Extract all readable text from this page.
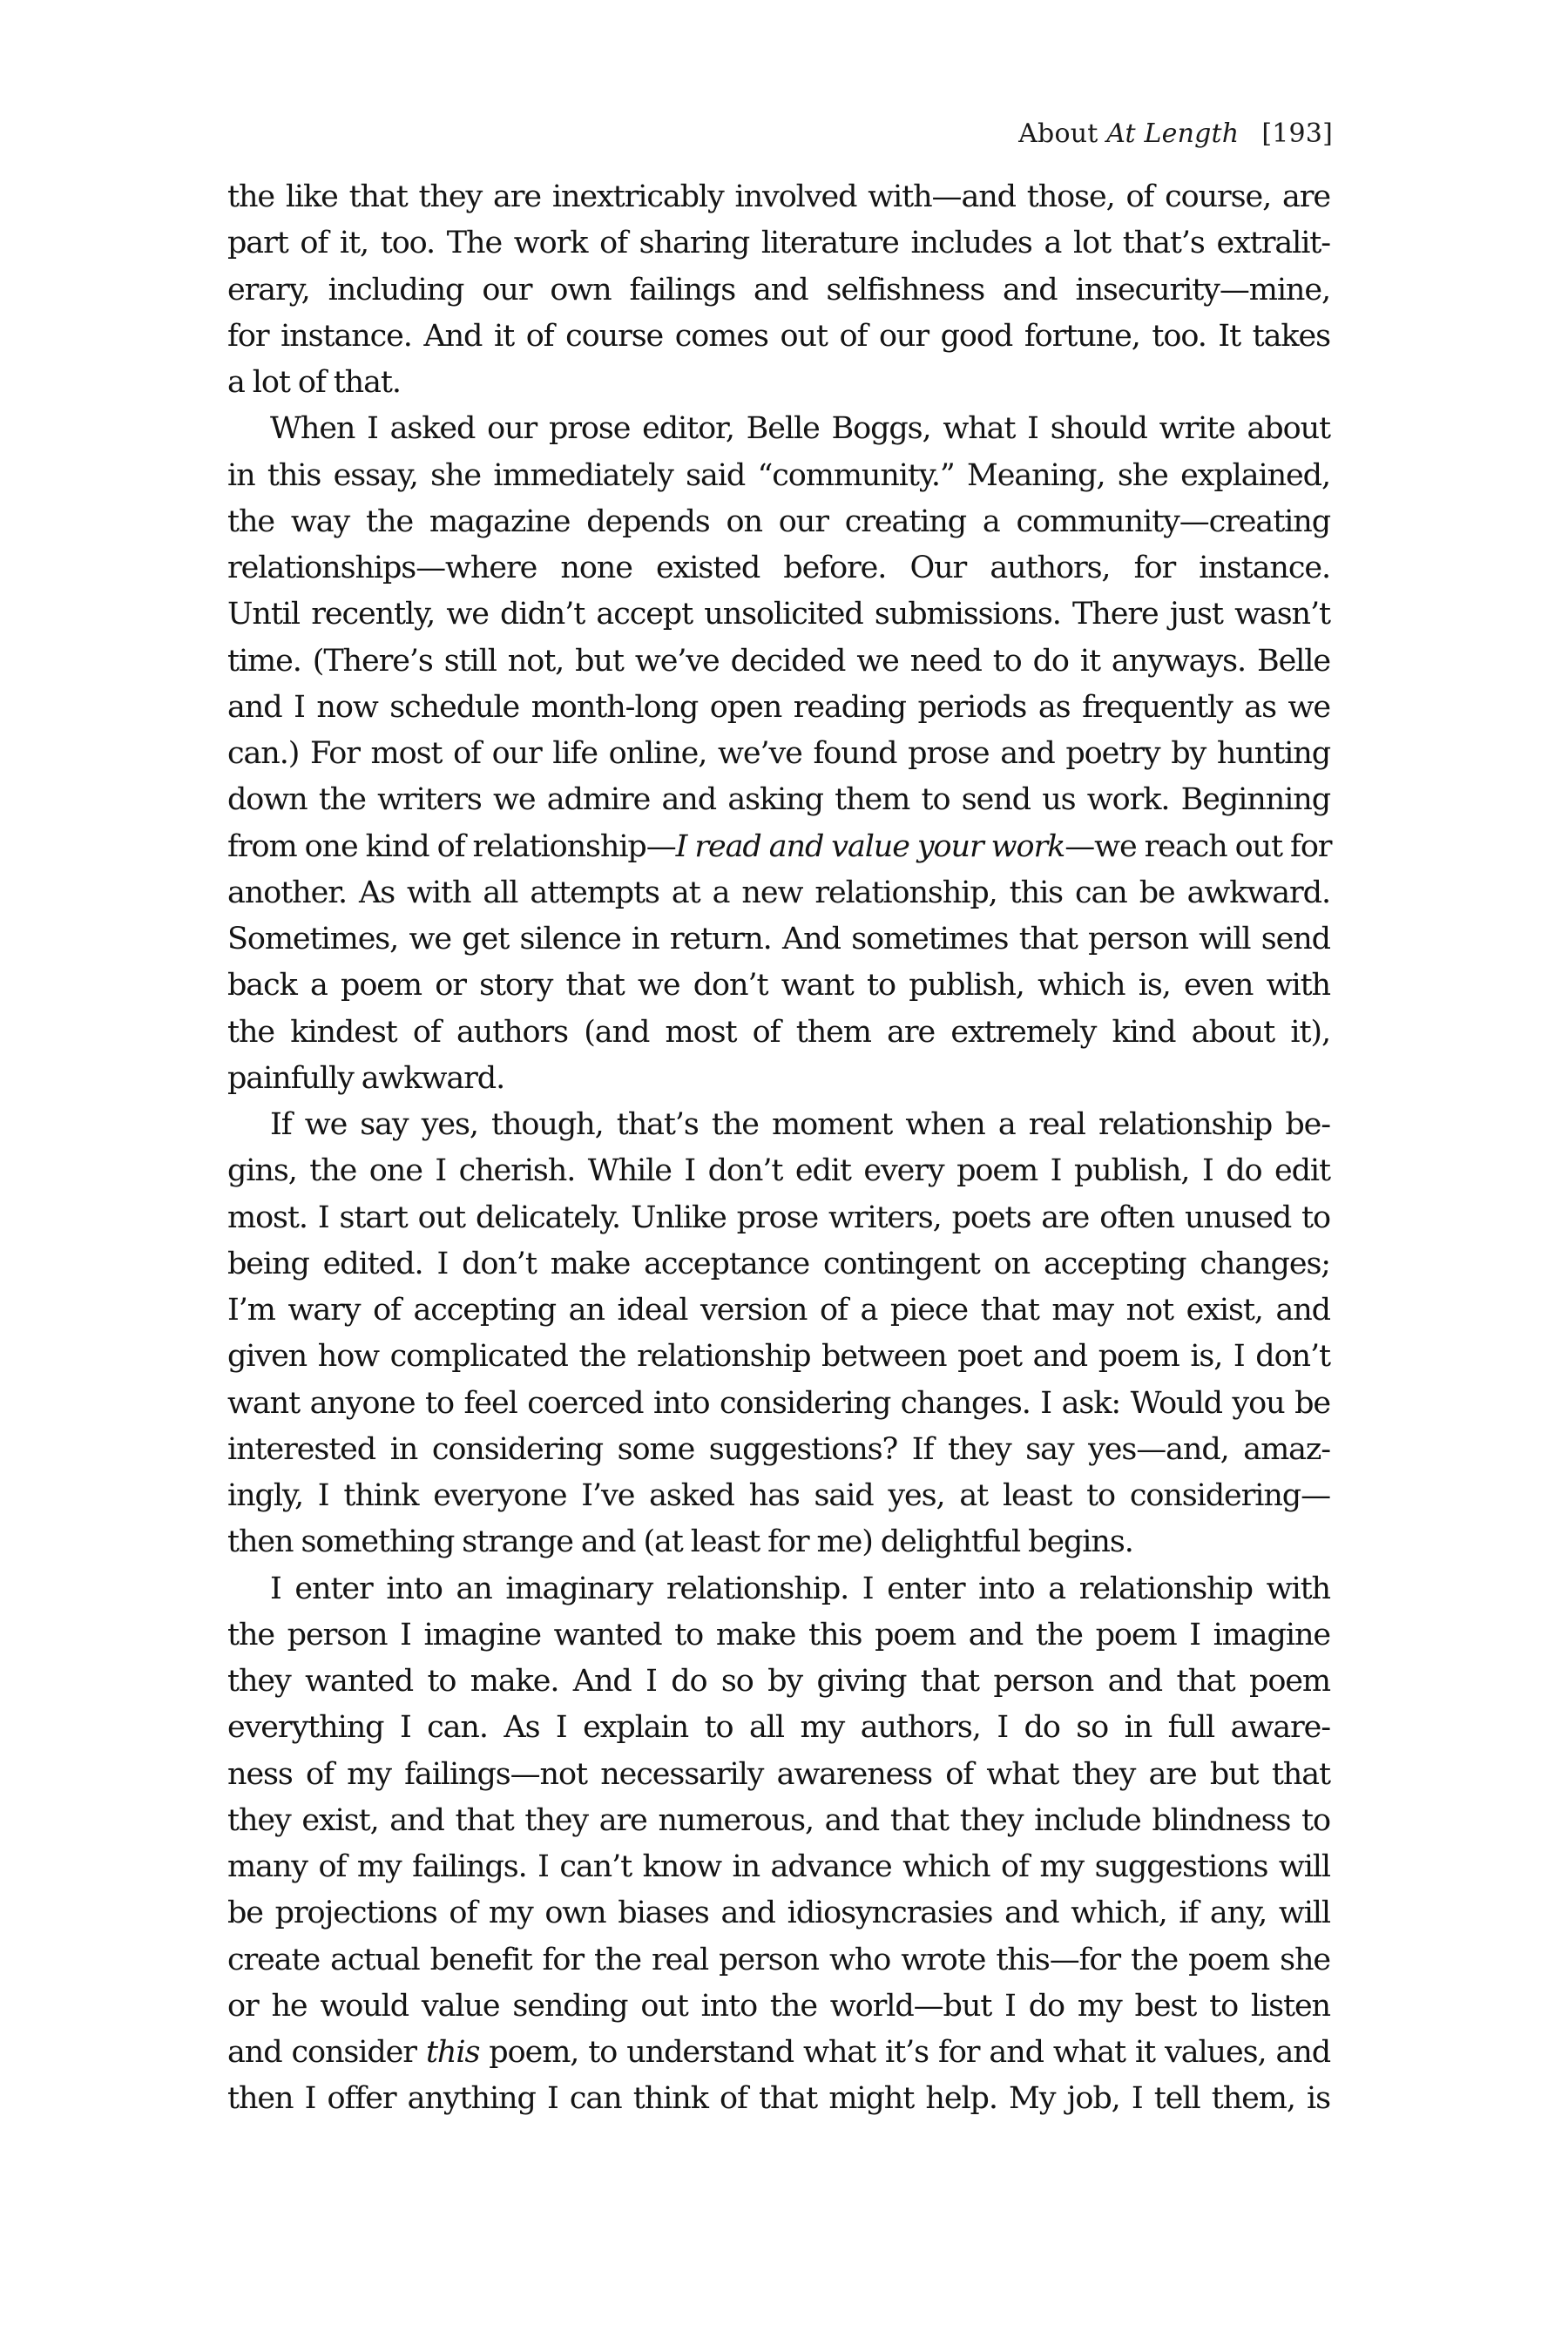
About At Length [193]
the like that they are inextricably involved with—and those, of course, are
part of it, too. The work of sharing literature includes a lot that’s extralit-
erary, including our own failings and selfishness and insecurity—mine,
for instance. And it of course comes out of our good fortune, too. It takes
a lot of that.
When I asked our prose editor, Belle Boggs, what I should write about
in this essay, she immediately said “community.” Meaning, she explained,
the way the magazine depends on our creating a community—creating
relationships—where none existed before. Our authors, for instance.
Until recently, we didn’t accept unsolicited submissions. There just wasn’t
time. (There’s still not, but we’ve decided we need to do it anyways. Belle
and I now schedule month-long open reading periods as frequently as we
can.) For most of our life online, we’ve found prose and poetry by hunting
down the writers we admire and asking them to send us work. Beginning
from one kind of relationship—I read and value your work—we reach out for
another. As with all attempts at a new relationship, this can be awkward.
Sometimes, we get silence in return. And sometimes that person will send
back a poem or story that we don’t want to publish, which is, even with
the kindest of authors (and most of them are extremely kind about it),
painfully awkward.
If we say yes, though, that’s the moment when a real relationship be-
gins, the one I cherish. While I don’t edit every poem I publish, I do edit
most. I start out delicately. Unlike prose writers, poets are often unused to
being edited. I don’t make acceptance contingent on accepting changes;
I’m wary of accepting an ideal version of a piece that may not exist, and
given how complicated the relationship between poet and poem is, I don’t
want anyone to feel coerced into considering changes. I ask: Would you be
interested in considering some suggestions? If they say yes—and, amaz-
ingly, I think everyone I’ve asked has said yes, at least to considering—
then something strange and (at least for me) delightful begins.
I enter into an imaginary relationship. I enter into a relationship with
the person I imagine wanted to make this poem and the poem I imagine
they wanted to make. And I do so by giving that person and that poem
everything I can. As I explain to all my authors, I do so in full aware-
ness of my failings—not necessarily awareness of what they are but that
they exist, and that they are numerous, and that they include blindness to
many of my failings. I can’t know in advance which of my suggestions will
be projections of my own biases and idiosyncrasies and which, if any, will
create actual benefit for the real person who wrote this—for the poem she
or he would value sending out into the world—but I do my best to listen
and consider this poem, to understand what it’s for and what it values, and
then I offer anything I can think of that might help. My job, I tell them, is
